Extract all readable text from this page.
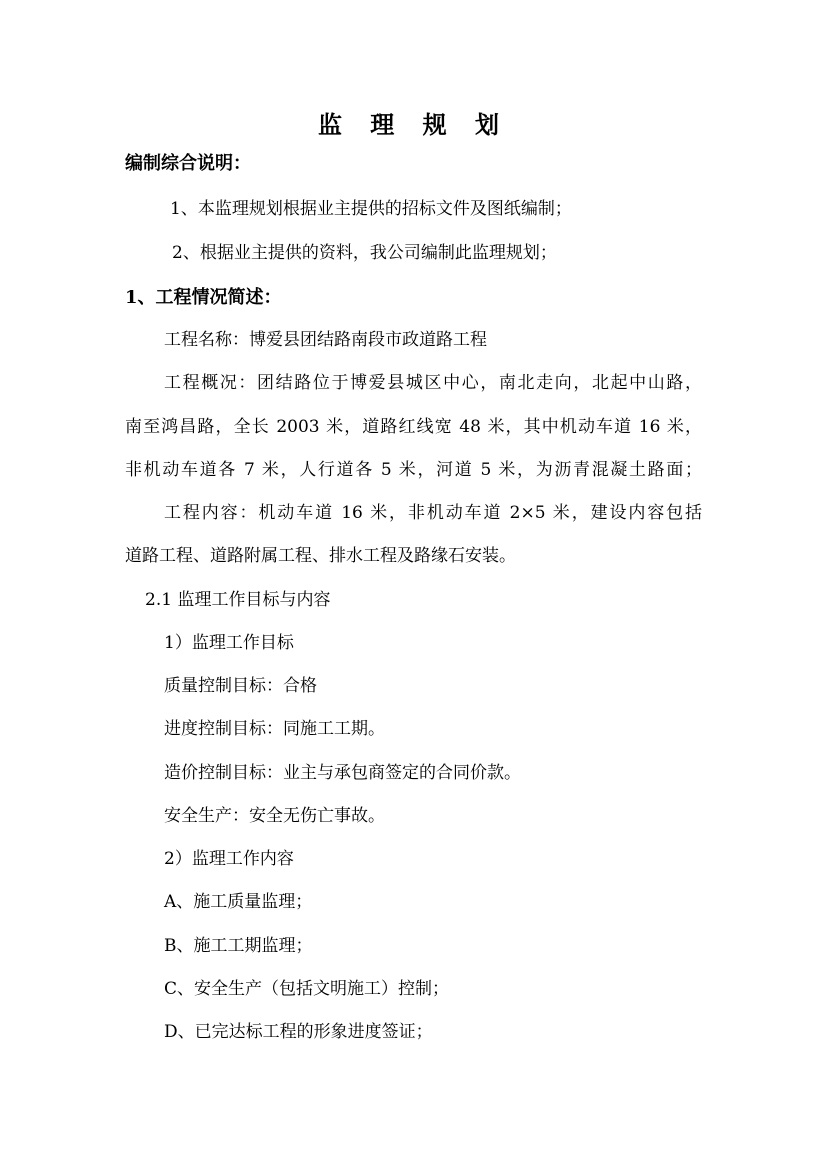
监 理 规 划
编制综合说明：
1、本监理规划根据业主提供的招标文件及图纸编制；
2、根据业主提供的资料，我公司编制此监理规划；
1、工程情况简述：
工程名称：博爱县团结路南段市政道路工程
工程概况：团结路位于博爱县城区中心，南北走向，北起中山路，
南至鸿昌路，全长 2003 米，道路红线宽 48 米，其中机动车道 16 米，
非机动车道各 7 米，人行道各 5 米，河道 5 米，为沥青混凝土路面；
工程内容：机动车道 16 米，非机动车道 2×5 米，建设内容包括
道路工程、道路附属工程、排水工程及路缘石安装。
2.1 监理工作目标与内容
1）监理工作目标
质量控制目标：合格
进度控制目标：同施工工期。
造价控制目标：业主与承包商签定的合同价款。
安全生产：安全无伤亡事故。
2）监理工作内容
A、施工质量监理；
B、施工工期监理；
C、安全生产（包括文明施工）控制；
D、已完达标工程的形象进度签证；
